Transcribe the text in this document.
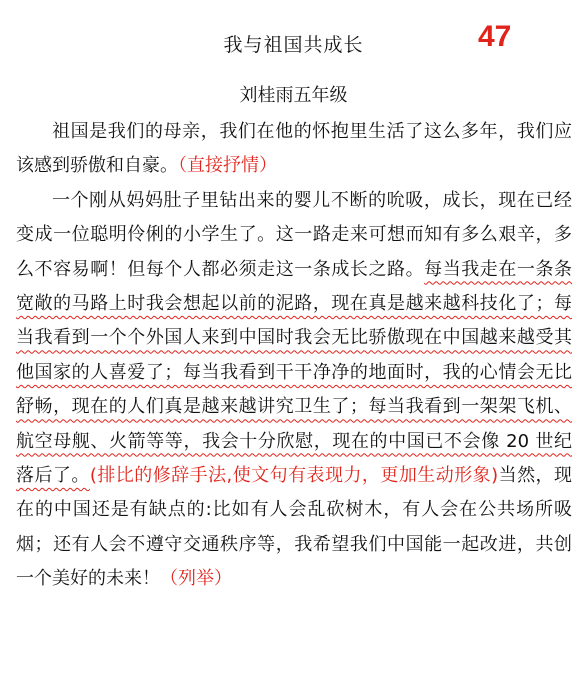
我与祖国共成长	47
刘桂雨五年级

祖国是我们的母亲，我们在他的怀抱里生活了这么多年，我们应该感到骄傲和自豪。（直接抒情）

一个刚从妈妈肚子里钻出来的婴儿不断的吮吸，成长，现在已经变成一位聪明伶俐的小学生了。这一路走来可想而知有多么艰辛，多么不容易啊！但每个人都必须走这一条成长之路。每当我走在一条条宽敞的马路上时我会想起以前的泥路，现在真是越来越科技化了；每当我看到一个个外国人来到中国时我会无比骄傲现在中国越来越受其他国家的人喜爱了；每当我看到干干净净的地面时，我的心情会无比舒畅，现在的人们真是越来越讲究卫生了；每当我看到一架架飞机、航空母舰、火箭等等，我会十分欣慰，现在的中国已不会像 20 世纪落后了。(排比的修辞手法,使文句有表现力，更加生动形象)当然，现在的中国还是有缺点的:比如有人会乱砍树木，有人会在公共场所吸烟；还有人会不遵守交通秩序等，我希望我们中国能一起改进，共创一个美好的未来！（列举）
